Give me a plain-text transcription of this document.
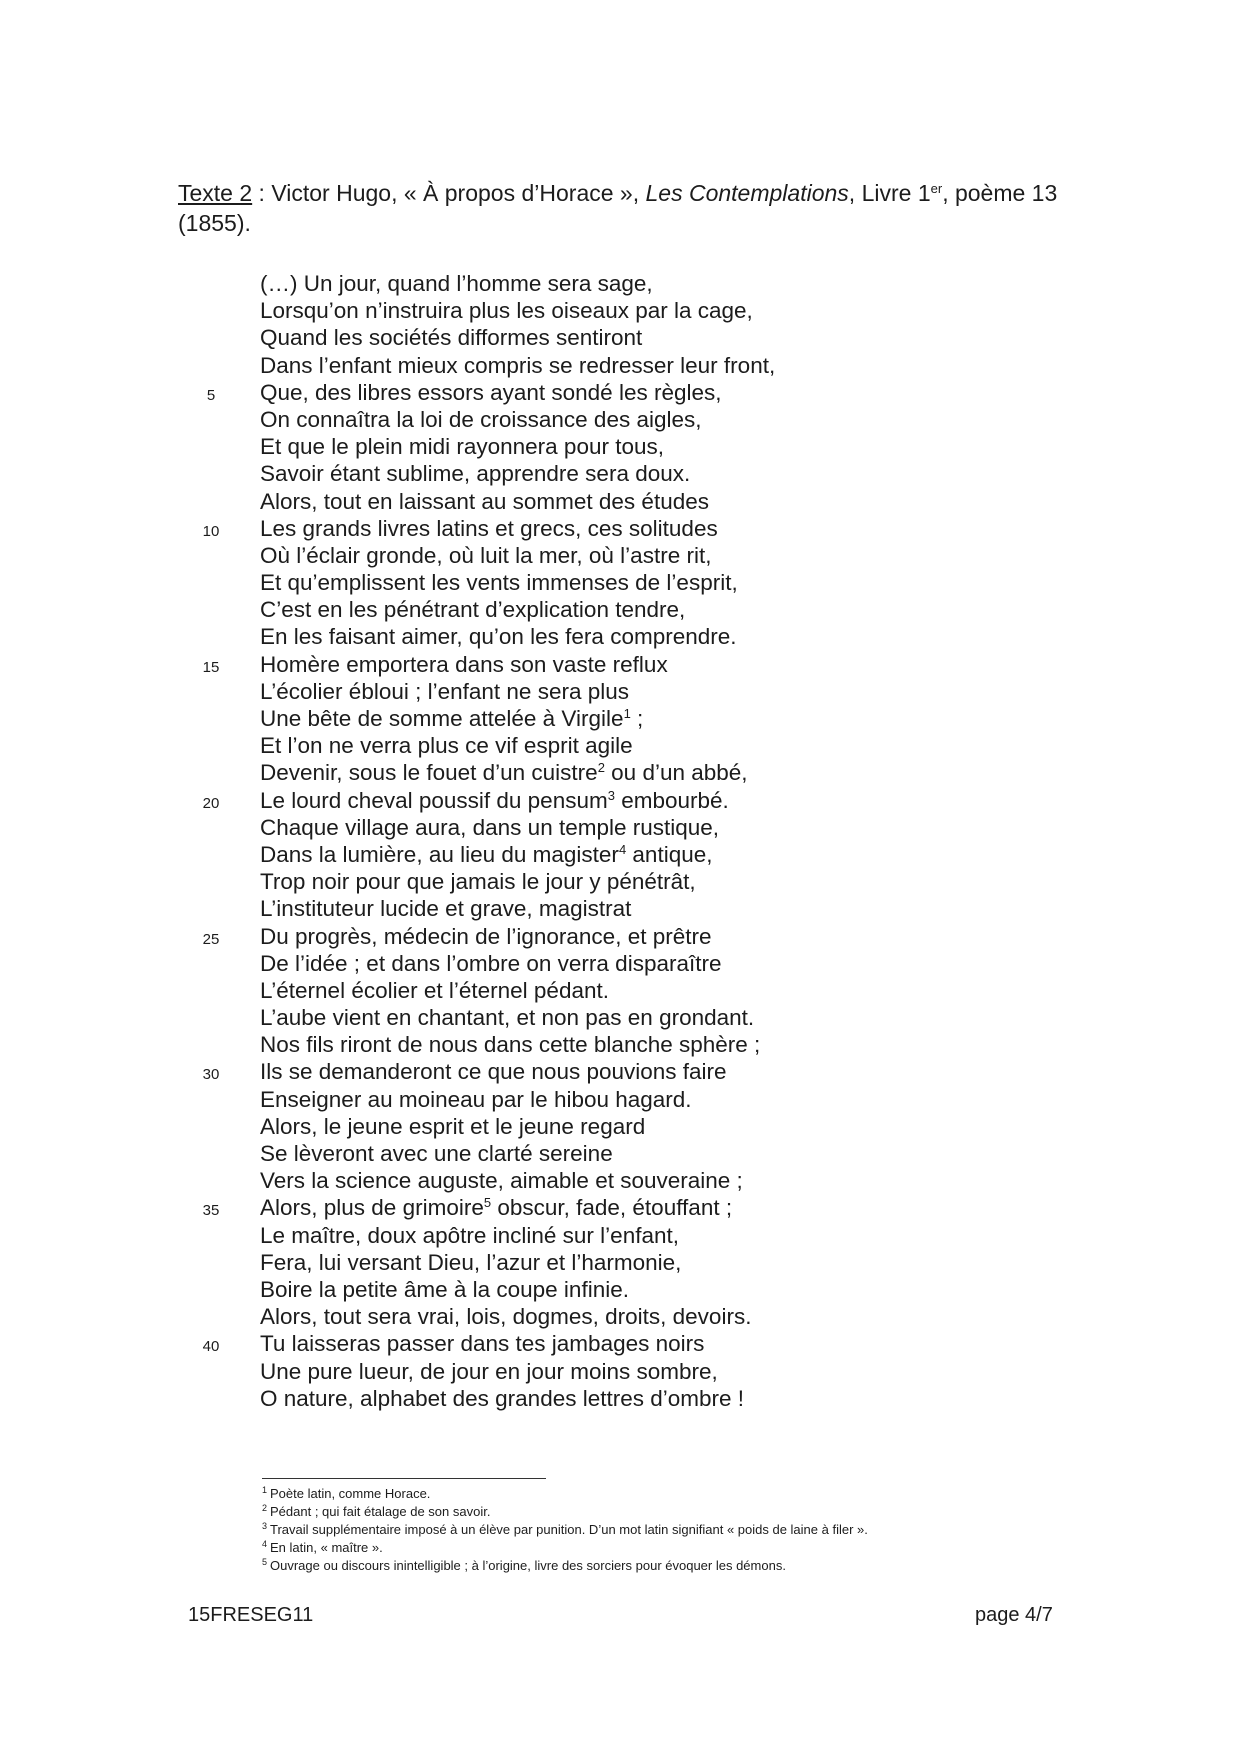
Texte 2 : Victor Hugo, « À propos d’Horace », Les Contemplations, Livre 1er, poème 13
(1855).
(…) Un jour, quand l’homme sera sage,
Lorsqu’on n’instruira plus les oiseaux par la cage,
Quand les sociétés difformes sentiront
Dans l’enfant mieux compris se redresser leur front,
5	Que, des libres essors ayant sondé les règles,
On connaîtra la loi de croissance des aigles,
Et que le plein midi rayonnera pour tous,
Savoir étant sublime, apprendre sera doux.
Alors, tout en laissant au sommet des études
10 Les grands livres latins et grecs, ces solitudes
Où l’éclair gronde, où luit la mer, où l’astre rit,
Et qu’emplissent les vents immenses de l’esprit,
C’est en les pénétrant d’explication tendre,
En les faisant aimer, qu’on les fera comprendre.
15 Homère emportera dans son vaste reflux
L’écolier ébloui ; l’enfant ne sera plus
Une bête de somme attelée à Virgile$^1$ ;
Et l’on ne verra plus ce vif esprit agile
Devenir, sous le fouet d’un cuistre$^2$ ou d’un abbé,
20 Le lourd cheval poussif du pensum$^3$ embourbé.
Chaque village aura, dans un temple rustique,
Dans la lumière, au lieu du magister$^4$ antique,
Trop noir pour que jamais le jour y pénétrât,
L’instituteur lucide et grave, magistrat
25 Du progrès, médecin de l’ignorance, et prêtre
De l’idée ; et dans l’ombre on verra disparaître
L’éternel écolier et l’éternel pédant.
L’aube vient en chantant, et non pas en grondant.
Nos fils riront de nous dans cette blanche sphère ;
30 Ils se demanderont ce que nous pouvions faire
Enseigner au moineau par le hibou hagard.
Alors, le jeune esprit et le jeune regard
Se lèveront avec une clarté sereine
Vers la science auguste, aimable et souveraine ;
35 Alors, plus de grimoire$^5$ obscur, fade, étouffant ;
Le maître, doux apôtre incliné sur l’enfant,
Fera, lui versant Dieu, l’azur et l’harmonie,
Boire la petite âme à la coupe infinie.
Alors, tout sera vrai, lois, dogmes, droits, devoirs.
40 Tu laisseras passer dans tes jambages noirs
Une pure lueur, de jour en jour moins sombre,
O nature, alphabet des grandes lettres d’ombre !
$^1$ Poète latin, comme Horace.
$^2$ Pédant ; qui fait étalage de son savoir.
$^3$ Travail supplémentaire imposé à un élève par punition. D’un mot latin signifiant « poids de laine à filer ».
$^4$ En latin, « maître ».
$^5$ Ouvrage ou discours inintelligible ; à l’origine, livre des sorciers pour évoquer les démons.
15FRESEG11	page 4/7
